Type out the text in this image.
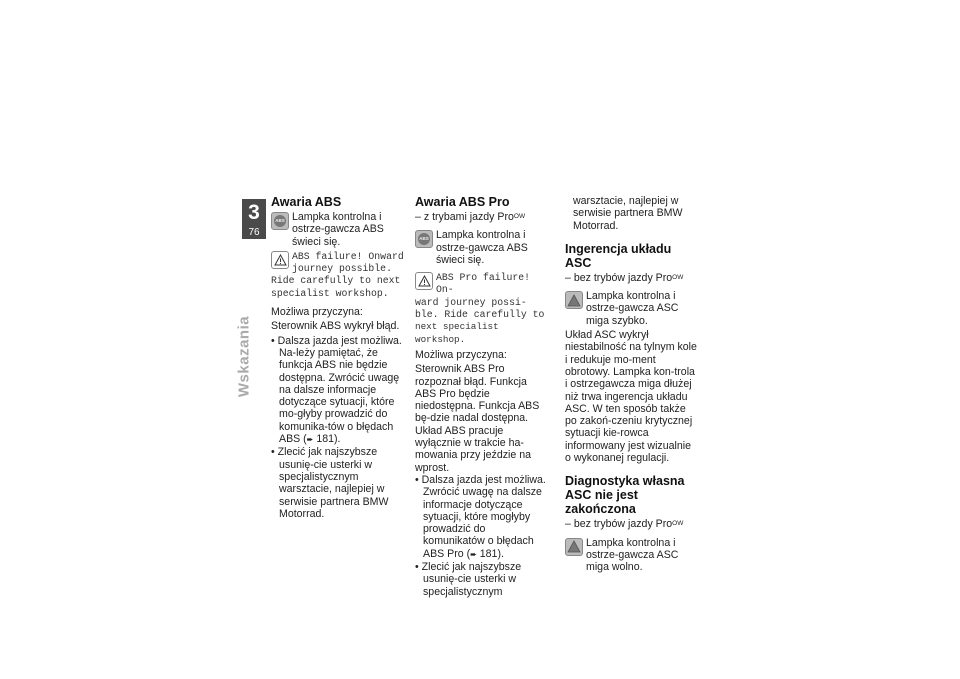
3
76
Wskazania
Awaria ABS
ABS Lampka kontrolna i ostrze-gawcza ABS świeci się.

ABS failure! Onward
journey possible.
Ride carefully to next
specialist workshop.

Możliwa przyczyna:

Sterownik ABS wykrył błąd.

• Dalsza jazda jest możliwa. Na-leży pamiętać, że funkcja ABS nie będzie dostępna. Zwrócić uwagę na dalsze informacje dotyczące sytuacji, które mo-głyby prowadzić do komunika-tów o błędach ABS (➨ 181).

• Zlecić jak najszybsze usunię-cie usterki w specjalistycznym warsztacie, najlepiej w serwisie partnera BMW Motorrad.

Awaria ABS Pro

– z trybami jazdy Pro$^{OW}$

ABS Lampka kontrolna i ostrze-gawcza ABS świeci się.

ABS Pro failure! On-
ward journey possi-
ble. Ride carefully to
next specialist workshop.

Możliwa przyczyna:

Sterownik ABS Pro rozpoznał błąd. Funkcja ABS Pro będzie niedostępna. Funkcja ABS bę-dzie nadal dostępna. Układ ABS pracuje wyłącznie w trakcie ha-mowania przy jeździe na wprost.

• Dalsza jazda jest możliwa. Zwrócić uwagę na dalsze informacje dotyczące sytuacji, które mogłyby prowadzić do komunikatów o błędach ABS Pro (➨ 181).

• Zlecić jak najszybsze usunię-cie usterki w specjalistycznym

warsztacie, najlepiej w serwisie partnera BMW Motorrad.

Ingerencja układu ASC

– bez trybów jazdy Pro$^{OW}$

Lampka kontrolna i ostrze-gawcza ASC miga szybko.

Układ ASC wykrył niestabilność na tylnym kole i redukuje mo-ment obrotowy. Lampka kon-trola i ostrzegawcza miga dłużej niż trwa ingerencja układu ASC. W ten sposób także po zakoń-czeniu krytycznej sytuacji kie-rowca informowany jest wizualnie o wykonanej regulacji.

Diagnostyka własna ASC nie jest zakończona

– bez trybów jazdy Pro$^{OW}$

Lampka kontrolna i ostrze-gawcza ASC miga wolno.
